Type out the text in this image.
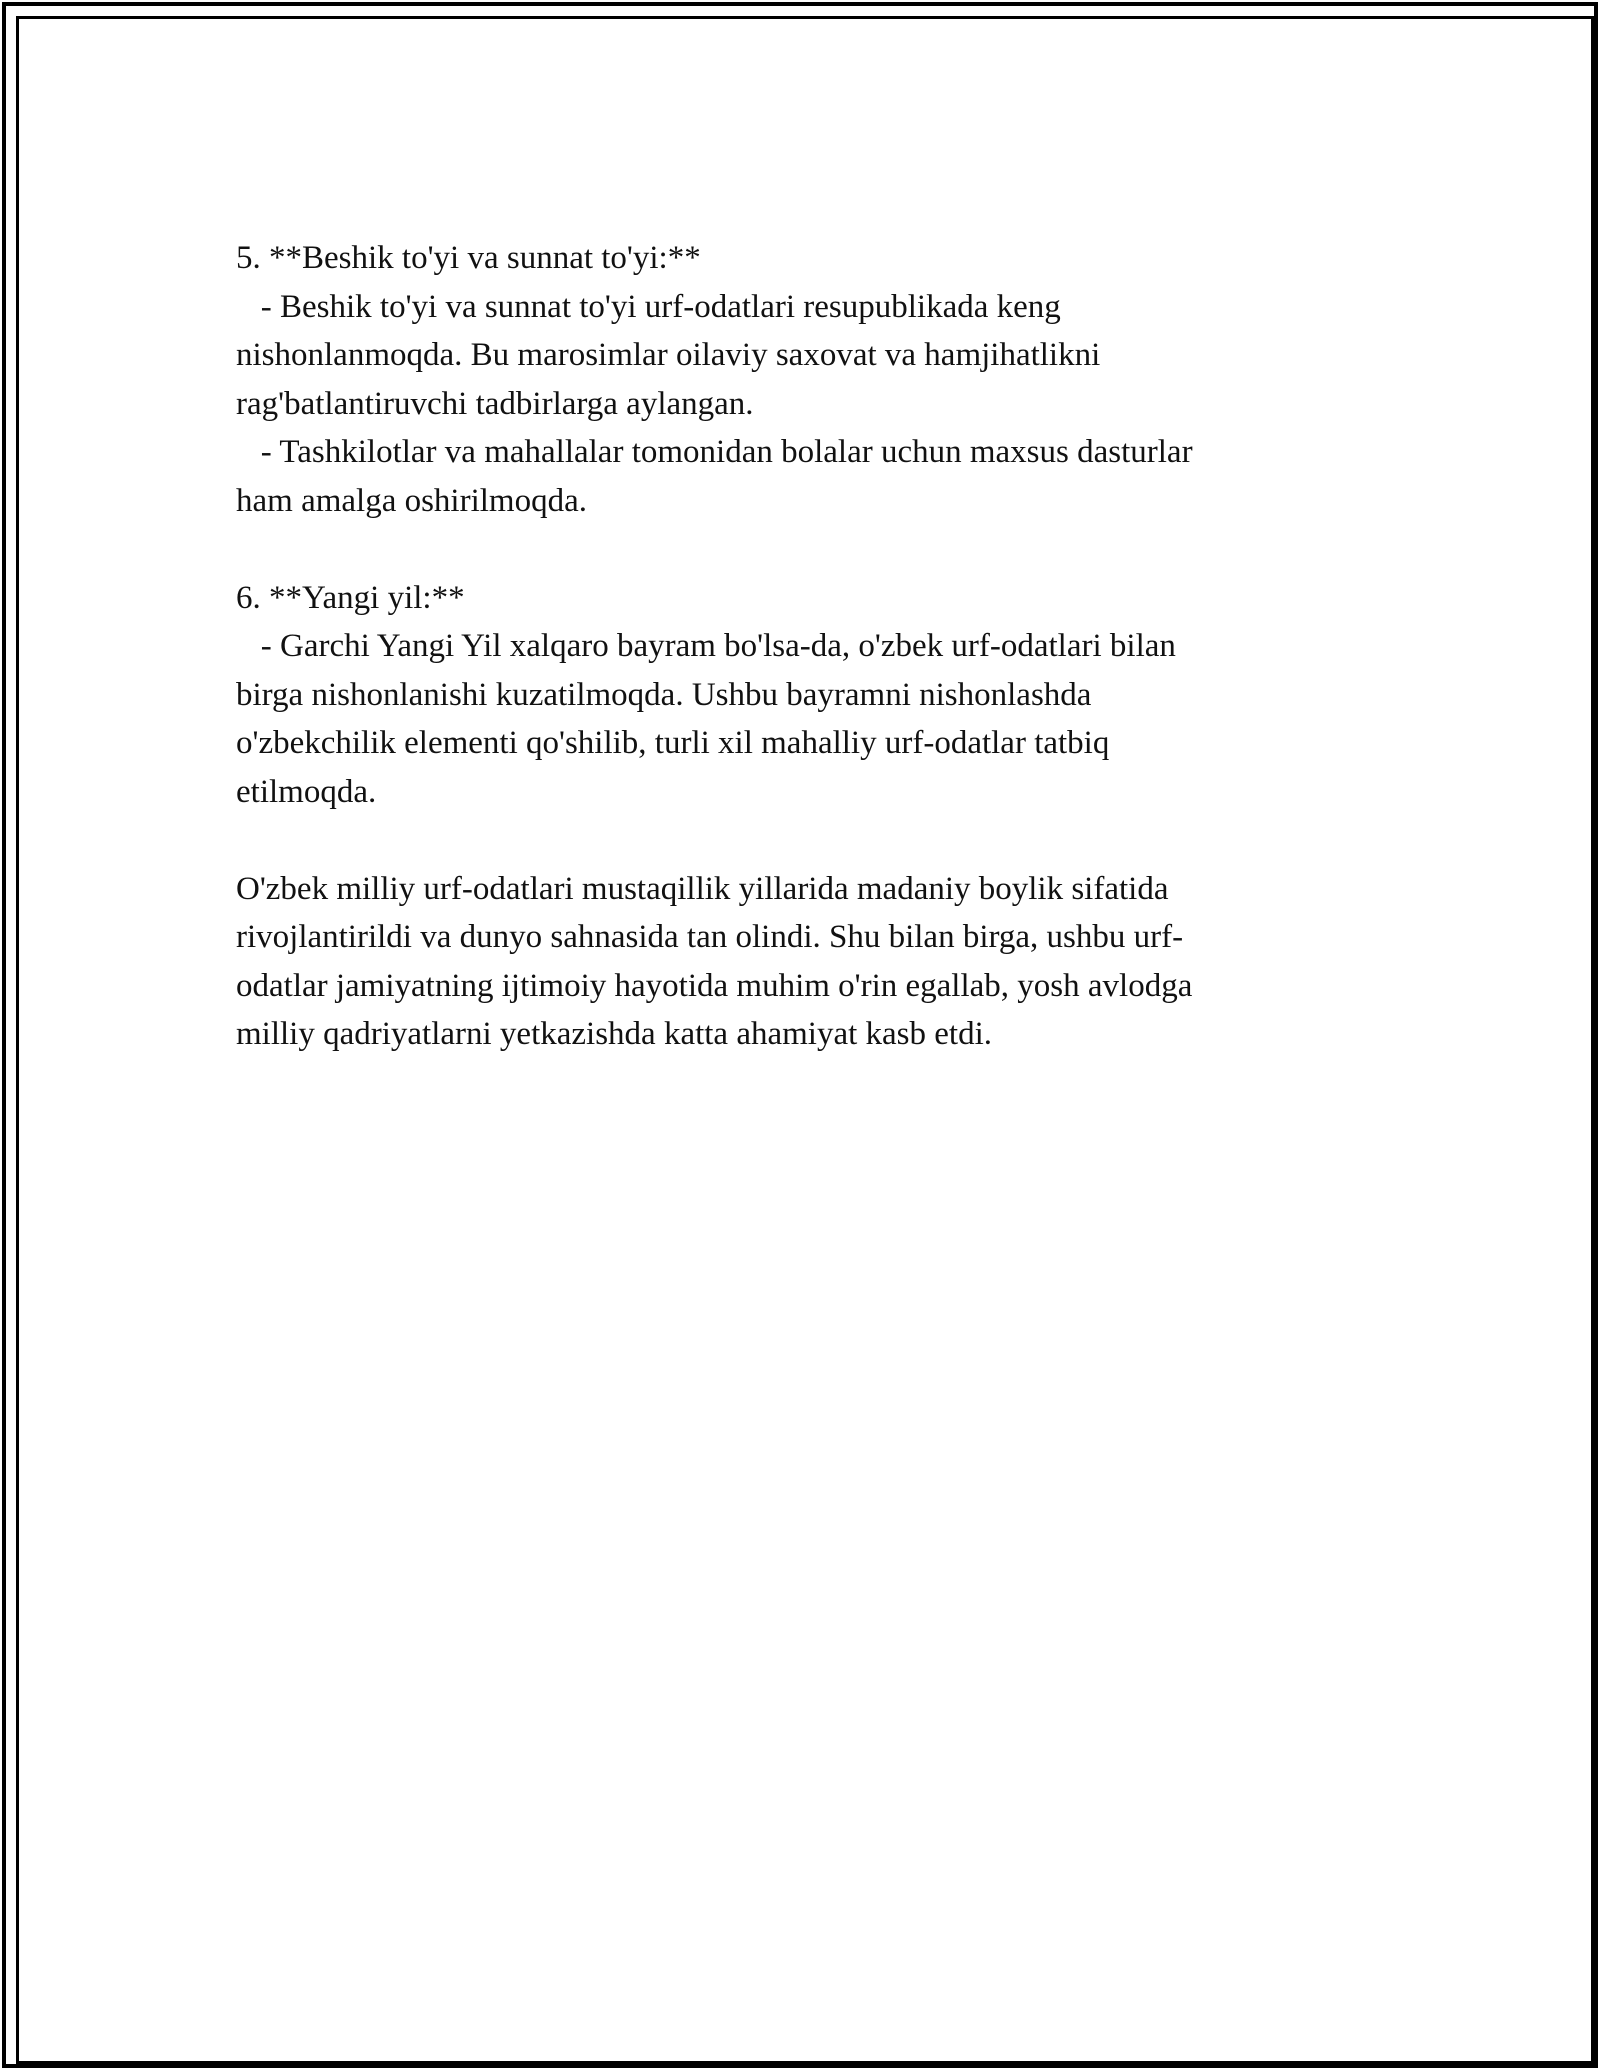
5. **Beshik to'yi va sunnat to'yi:**
- Beshik to'yi va sunnat to'yi urf-odatlari resupublikada keng
nishonlanmoqda. Bu marosimlar oilaviy saxovat va hamjihatlikni
rag'batlantiruvchi tadbirlarga aylangan.
- Tashkilotlar va mahallalar tomonidan bolalar uchun maxsus dasturlar
ham amalga oshirilmoqda.
6. **Yangi yil:**
- Garchi Yangi Yil xalqaro bayram bo'lsa-da, o'zbek urf-odatlari bilan
birga nishonlanishi kuzatilmoqda. Ushbu bayramni nishonlashda
o'zbekchilik elementi qo'shilib, turli xil mahalliy urf-odatlar tatbiq
etilmoqda.
O'zbek milliy urf-odatlari mustaqillik yillarida madaniy boylik sifatida
rivojlantirildi va dunyo sahnasida tan olindi. Shu bilan birga, ushbu urf-
odatlar jamiyatning ijtimoiy hayotida muhim o'rin egallab, yosh avlodga
milliy qadriyatlarni yetkazishda katta ahamiyat kasb etdi.
